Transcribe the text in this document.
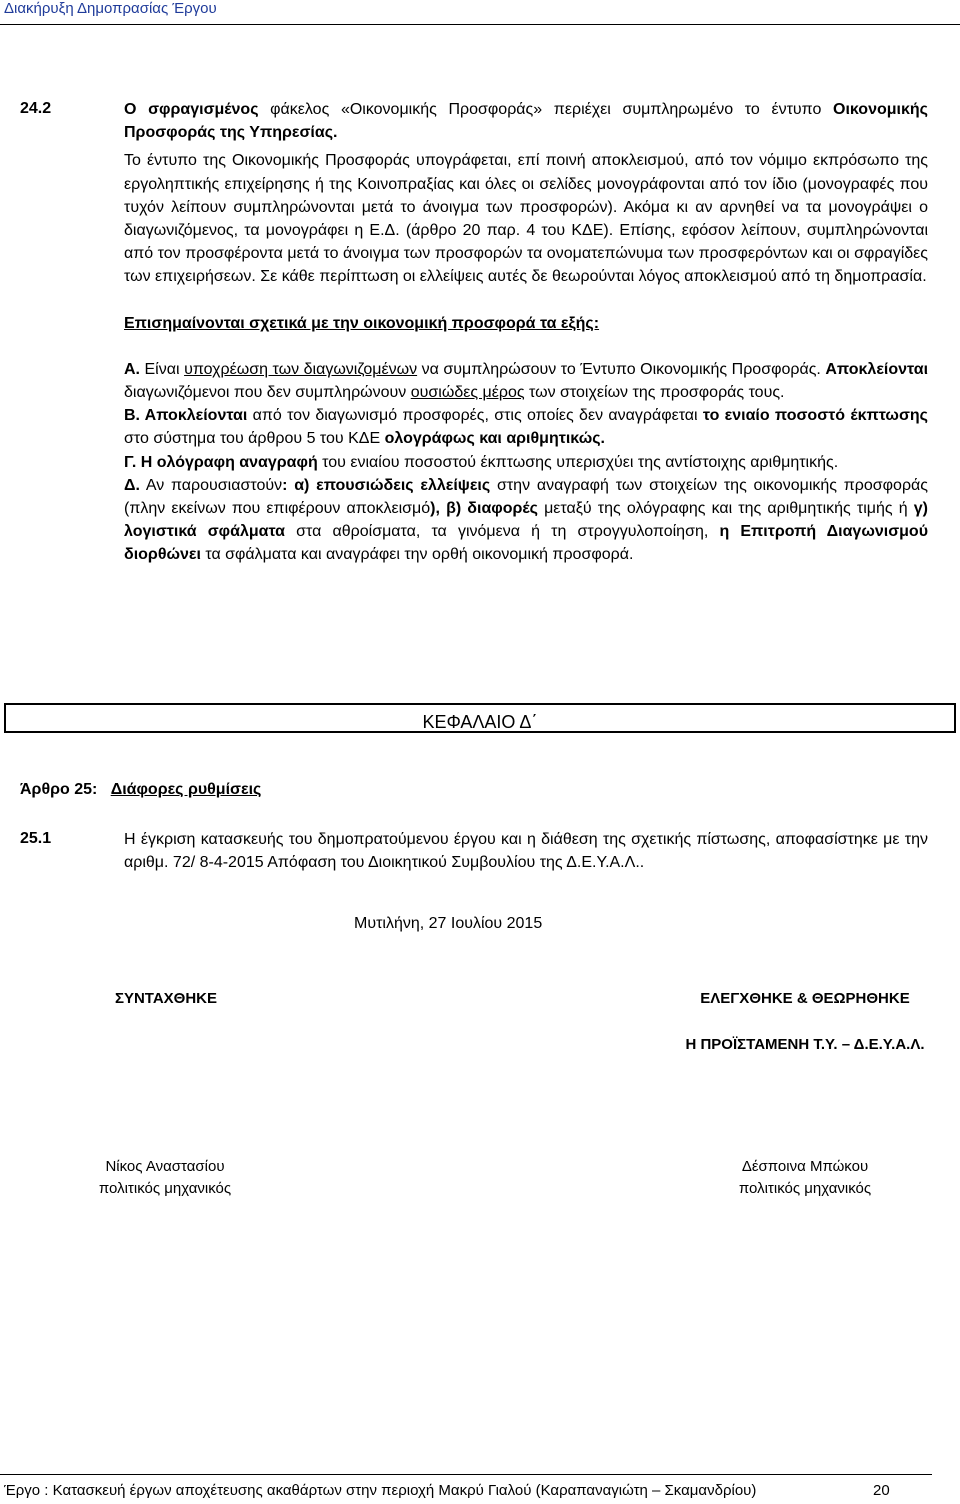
Διακήρυξη Δημοπρασίας Έργου
24.2	Ο σφραγισμένος φάκελος «Οικονομικής Προσφοράς» περιέχει συμπληρωμένο το έντυπο Οικονομικής Προσφοράς της Υπηρεσίας.

Το έντυπο της Οικονομικής Προσφοράς υπογράφεται, επί ποινή αποκλεισμού, από τον νόμιμο εκπρόσωπο της εργοληπτικής επιχείρησης ή της Κοινοπραξίας και όλες οι σελίδες μονογράφονται από τον ίδιο (μονογραφές που τυχόν λείπουν συμπληρώνονται μετά το άνοιγμα των προσφορών). Ακόμα κι αν αρνηθεί να τα μονογράψει ο διαγωνιζόμενος, τα μονογράφει η Ε.Δ. (άρθρο 20 παρ. 4 του ΚΔΕ). Επίσης, εφόσον λείπουν, συμπληρώνονται από τον προσφέροντα μετά το άνοιγμα των προσφορών τα ονοματεπώνυμα των προσφερόντων και οι σφραγίδες των επιχειρήσεων. Σε κάθε περίπτωση οι ελλείψεις αυτές δε θεωρούνται λόγος αποκλεισμού από τη δημοπρασία.

Επισημαίνονται σχετικά με την οικονομική προσφορά τα εξής:

Α. Είναι υποχρέωση των διαγωνιζομένων να συμπληρώσουν το Έντυπο Οικονομικής Προσφοράς. Αποκλείονται διαγωνιζόμενοι που δεν συμπληρώνουν ουσιώδες μέρος των στοιχείων της προσφοράς τους.

Β. Αποκλείονται από τον διαγωνισμό προσφορές, στις οποίες δεν αναγράφεται το ενιαίο ποσοστό έκπτωσης στο σύστημα του άρθρου 5 του ΚΔΕ ολογράφως και αριθμητικώς.

Γ. Η ολόγραφη αναγραφή του ενιαίου ποσοστού έκπτωσης υπερισχύει της αντίστοιχης αριθμητικής.

Δ. Αν παρουσιαστούν: α) επουσιώδεις ελλείψεις στην αναγραφή των στοιχείων της οικονομικής προσφοράς (πλην εκείνων που επιφέρουν αποκλεισμό), β) διαφορές μεταξύ της ολόγραφης και της αριθμητικής τιμής ή γ) λογιστικά σφάλματα στα αθροίσματα, τα γινόμενα ή τη στρογγυλοποίηση, η Επιτροπή Διαγωνισμού διορθώνει τα σφάλματα και αναγράφει την ορθή οικονομική προσφορά.

ΚΕΦΑΛΑΙΟ Δ΄
Άρθρο 25: Διάφορες ρυθμίσεις
25.1	Η έγκριση κατασκευής του δημοπρατούμενου έργου και η διάθεση της σχετικής πίστωσης, αποφασίστηκε με την αριθμ. 72/ 8-4-2015 Απόφαση του Διοικητικού Συμβουλίου της Δ.Ε.Υ.Α.Λ..
Μυτιλήνη, 27 Ιουλίου 2015
ΣΥΝΤΑΧΘΗΚΕ	ΕΛΕΓΧΘΗΚΕ & ΘΕΩΡΗΘΗΚΕ
Η ΠΡΟΪΣΤΑΜΕΝΗ Τ.Υ. – Δ.Ε.Υ.Α.Λ.
Νίκος Αναστασίου
πολιτικός μηχανικός
Δέσποινα Μπώκου
πολιτικός μηχανικός
Έργο : Κατασκευή έργων αποχέτευσης ακαθάρτων στην περιοχή Μακρύ Γιαλού (Καραπαναγιώτη – Σκαμανδρίου)	20
